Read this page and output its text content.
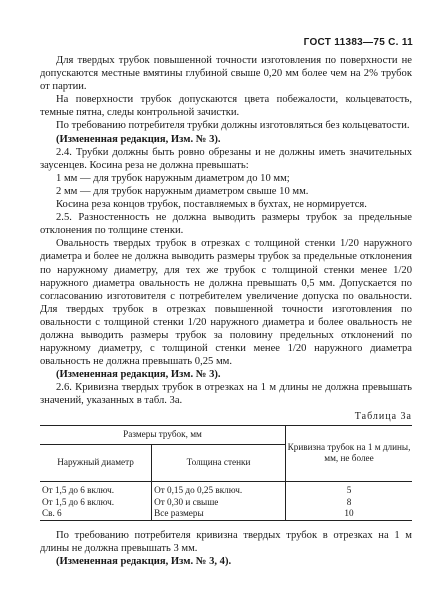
ГОСТ 11383—75 С. 11

Для твердых трубок повышенной точности изготовления по поверхности не допускаются местные вмятины глубиной свыше 0,20 мм более чем на 2% трубок от партии.

На поверхности трубок допускаются цвета побежалости, кольцеватость, темные пятна, следы контрольной зачистки.

По требованию потребителя трубки должны изготовляться без кольцеватости.

(Измененная редакция, Изм. № 3).

2.4. Трубки должны быть ровно обрезаны и не должны иметь значительных заусенцев. Косина реза не должна превышать:

1 мм — для трубок наружным диаметром до 10 мм;

2 мм — для трубок наружным диаметром свыше 10 мм.

Косина реза концов трубок, поставляемых в бухтах, не нормируется.

2.5. Разностенность не должна выводить размеры трубок за предельные отклонения по толщине стенки.

Овальность твердых трубок в отрезках с толщиной стенки 1/20 наружного диаметра и более не должна выводить размеры трубок за предельные отклонения по наружному диаметру, для тех же трубок с толщиной стенки менее 1/20 наружного диаметра овальность не должна превышать 0,5 мм. Допускается по согласованию изготовителя с потребителем увеличение допуска по овальности. Для твердых трубок в отрезках повышенной точности изготовления по овальности с толщиной стенки 1/20 наружного диаметра и более овальность не должна выводить размеры трубок за половину предельных отклонений по наружному диаметру, с толщиной стенки менее 1/20 наружного диаметра овальность не должна превышать 0,25 мм.

(Измененная редакция, Изм. № 3).

2.6. Кривизна твердых трубок в отрезках на 1 м длины не должна превышать значений, указанных в табл. 3а.

Таблица 3а

Размеры трубок, мм		Кривизна трубок на 1 м длины, мм, не более
Наружный диаметр	Толщина стенки	

От 1,5 до 6 включ.	От 0,15 до 0,25 включ.	5
От 1,5 до 6 включ.	От 0,30 и свыше	8
Св. 6	Все размеры	10

По требованию потребителя кривизна твердых трубок в отрезках на 1 м длины не должна превышать 3 мм.

(Измененная редакция, Изм. № 3, 4).
